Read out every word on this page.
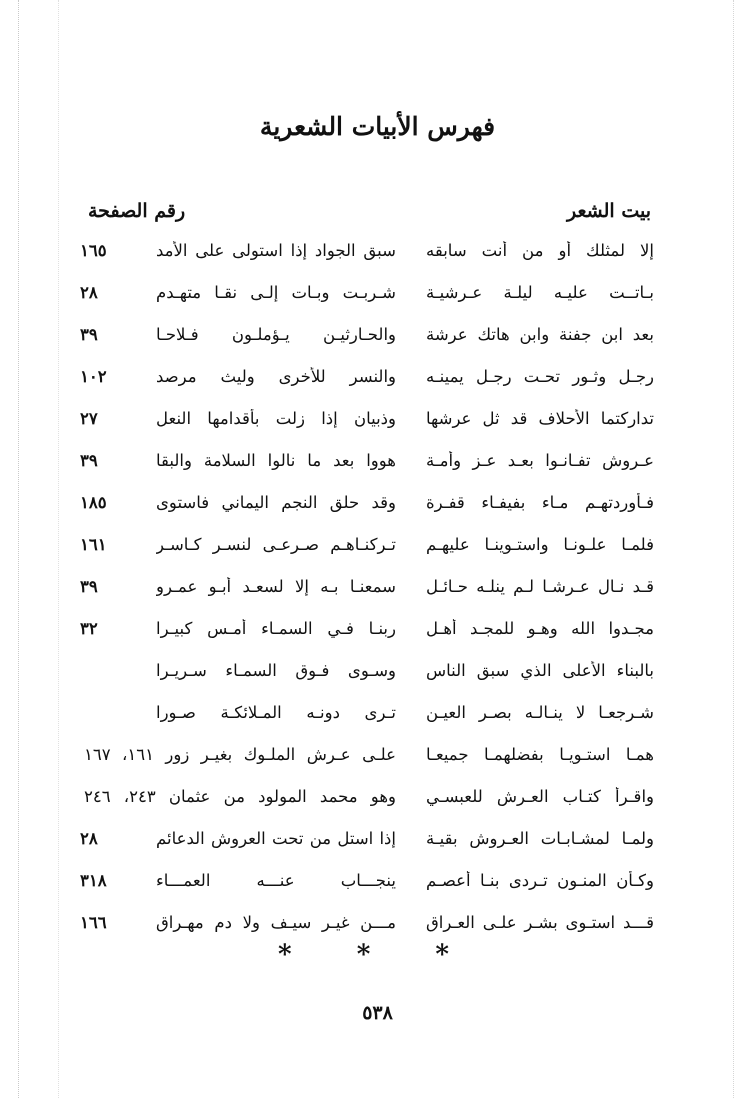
فهرس الأبيات الشعرية
بيت الشعر
رقم الصفحة
إلا لمثلك أو من أنت سابقه
سبق الجواد إذا استولى على الأمد
١٦٥
بـاتــت عليـه ليلـة عـرشيـة
شـربـت وبـات إلـى نقـا متهـدم
٢٨
بعد ابن جفنة وابن هاتك عرشة
والحـارثيـن يـؤملـون فـلاحـا
٣٩
رجـل وثـور تحـت رجـل يمينـه
والنسر للأخرى وليث مرصد
١٠٢
تداركتما الأحلاف قد ثل عرشها
وذبيان إذا زلت بأقدامها النعل
٢٧
عـروش تفـانـوا بعـد عـز وأمـة
هووا بعد ما نالوا السلامة والبقا
٣٩
فـأوردتهـم مـاء بفيفـاء قفـرة
وقد حلق النجم اليماني فاستوى
١٨٥
فلمـا علـونـا واستـوينـا عليهـم
تـركنـاهـم صـرعـى لنسـر كـاسـر
١٦١
قـد نـال عـرشـا لـم ينلـه حـائـل
سمعنـا بـه إلا لسعـد أبـو عمـرو
٣٩
مجـدوا الله وهـو للمجـد أهـل
ربنـا فـي السمـاء أمـس كبيـرا
٣٢
بالبناء الأعلى الذي سبق الناس
وسـوى فـوق السمـاء سـريـرا
شـرجعـا لا ينـالـه بصـر العيـن
تـرى دونـه المـلائكـة صـورا
همـا استـويـا بفضلهمـا جميعـا
علـى عـرش الملـوك بغيـر زور ١٦١، ١٦٧
واقـرأ كتـاب العـرش للعبسـي
وهو محمد المولود من عثمان ٢٤٣، ٢٤٦
ولمـا لمشـابـات العـروش بقيـة
إذا استل من تحت العروش الدعائم
٢٨
وكـأن المنـون تـردى بنـا أعصـم
ينجـــاب عنـــه العمـــاء
٣١٨
قـــد استـوى بشـر علـى العـراق
مـــن غيـر سيـف ولا دم مهـراق
١٦٦
* * *
٥٣٨
